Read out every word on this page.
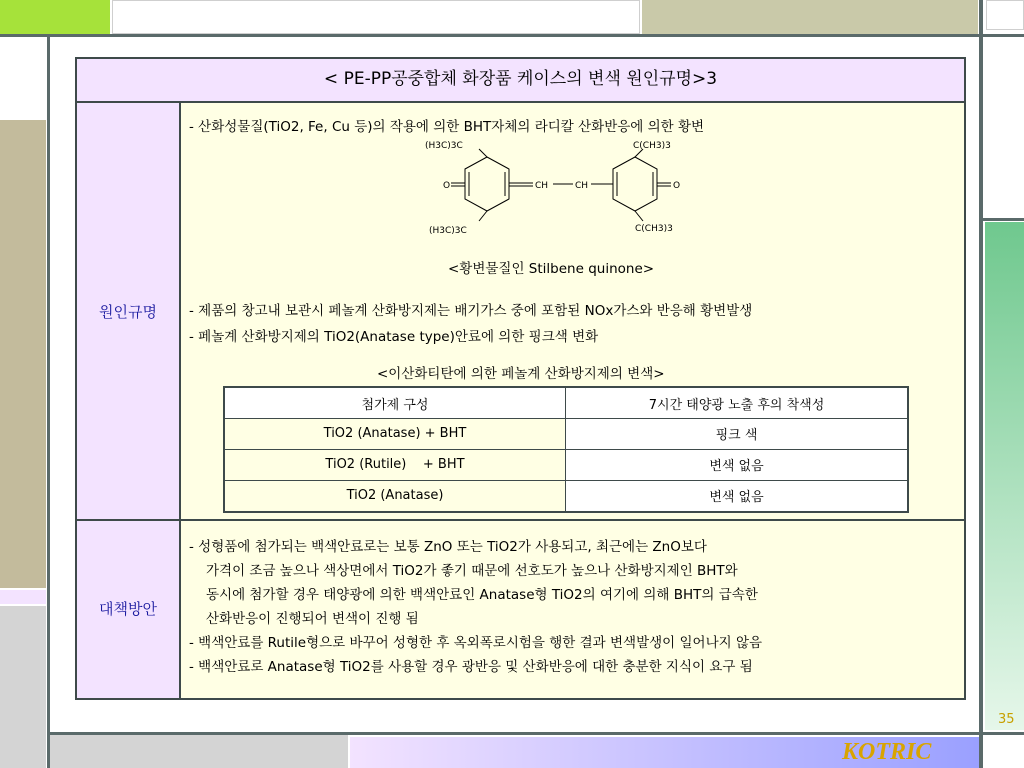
35
KOTRIC
< PE-PP공중합체 화장품 케이스의 변색 원인규명>3
원인규명
- 산화성물질(TiO2, Fe, Cu 등)의 작용에 의한 BHT자체의 라디칼 산화반응에 의한 황변
(H3C)3C	C(CH3)3
(H3C)3C	C(CH3)3
O	O
CH	CH
<황변물질인 Stilbene quinone>
- 제품의 창고내 보관시 페놀계 산화방지제는 배기가스 중에 포함된 NOx가스와 반응해 황변발생
- 페놀계 산화방지제의 TiO2(Anatase type)안료에 의한 핑크색 변화
<이산화티탄에 의한 페놀계 산화방지제의 변색>
대책방안
- 성형품에 첨가되는 백색안료로는 보통 ZnO 또는 TiO2가 사용되고, 최근에는 ZnO보다
가격이 조금 높으나 색상면에서 TiO2가 좋기 때문에 선호도가 높으나 산화방지제인 BHT와
동시에 첨가할 경우 태양광에 의한 백색안료인 Anatase형 TiO2의 여기에 의해 BHT의 급속한
산화반응이 진행되어 변색이 진행 됨
- 백색안료를 Rutile형으로 바꾸어 성형한 후 옥외폭로시험을 행한 결과 변색발생이 일어나지 않음
- 백색안료로 Anatase형 TiO2를 사용할 경우 광반응 및 산화반응에 대한 충분한 지식이 요구 됨
첨가제 구성	7시간 태양광 노출 후의 착색성
TiO2 (Anatase) + BHT	핑크 색
TiO2 (Rutile)    + BHT	변색 없음
TiO2 (Anatase)	변색 없음
